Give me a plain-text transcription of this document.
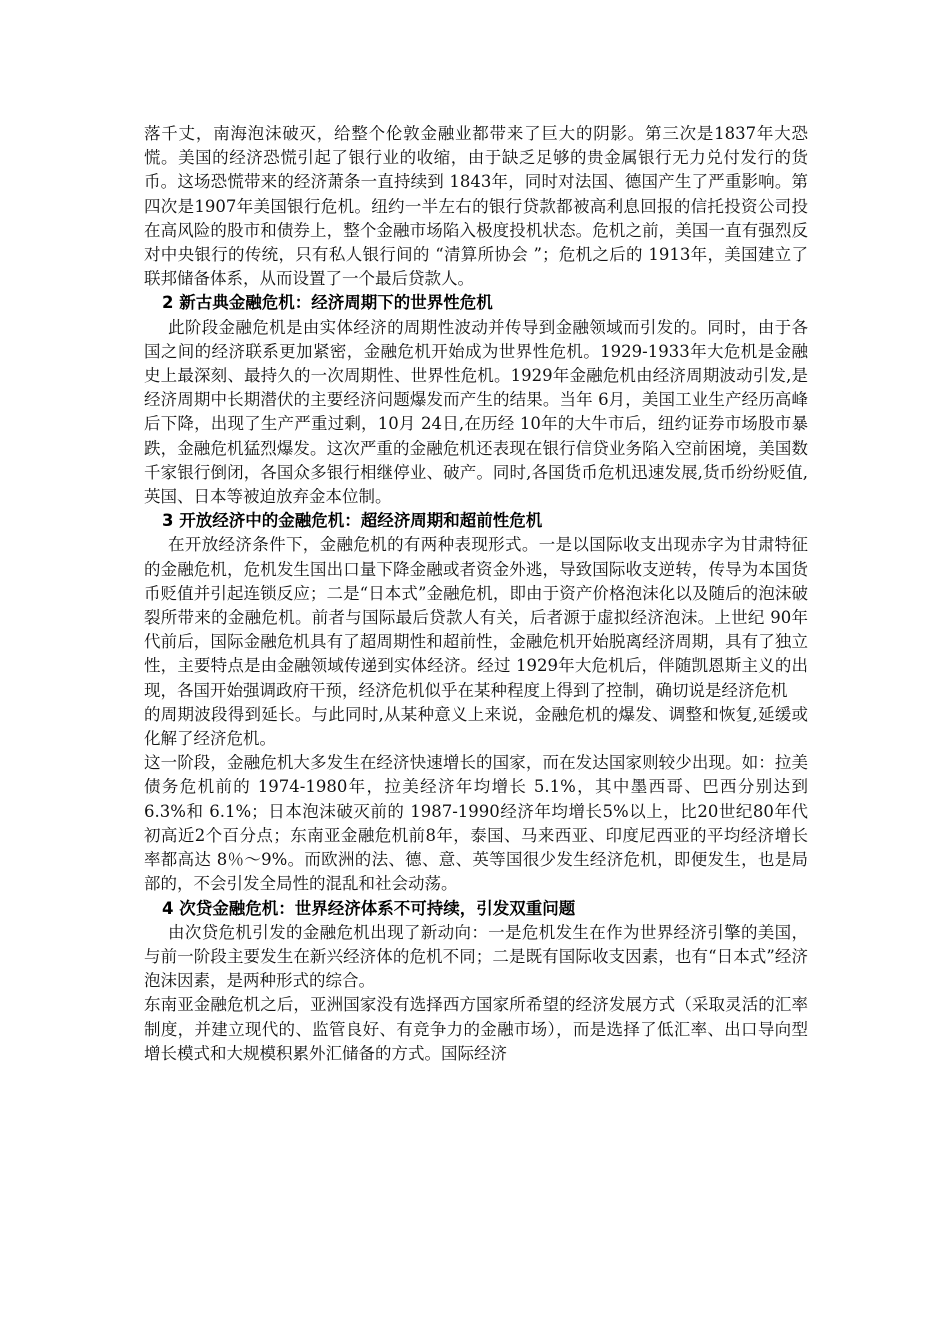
落千丈，南海泡沫破灭，给整个伦敦金融业都带来了巨大的阴影。第三次是1837年大恐慌。美国的经济恐慌引起了银行业的收缩，由于缺乏足够的贵金属银行无力兑付发行的货币。这场恐慌带来的经济萧条一直持续到 1843年，同时对法国、德国产生了严重影响。第四次是1907年美国银行危机。纽约一半左右的银行贷款都被高利息回报的信托投资公司投在高风险的股市和债券上，整个金融市场陷入极度投机状态。危机之前，美国一直有强烈反对中央银行的传统，只有私人银行间的 “清算所协会 ”；危机之后的 1913年，美国建立了联邦储备体系，从而设置了一个最后贷款人。

2 新古典金融危机：经济周期下的世界性危机

此阶段金融危机是由实体经济的周期性波动并传导到金融领域而引发的。同时，由于各国之间的经济联系更加紧密，金融危机开始成为世界性危机。1929-1933年大危机是金融史上最深刻、最持久的一次周期性、世界性危机。1929年金融危机由经济周期波动引发,是经济周期中长期潜伏的主要经济问题爆发而产生的结果。当年 6月，美国工业生产经历高峰后下降，出现了生产严重过剩，10月 24日,在历经 10年的大牛市后，纽约证券市场股市暴跌，金融危机猛烈爆发。这次严重的金融危机还表现在银行信贷业务陷入空前困境，美国数千家银行倒闭，各国众多银行相继停业、破产。同时,各国货币危机迅速发展,货币纷纷贬值,英国、日本等被迫放弃金本位制。

3 开放经济中的金融危机：超经济周期和超前性危机

在开放经济条件下，金融危机的有两种表现形式。一是以国际收支出现赤字为甘肃特征的金融危机，危机发生国出口量下降金融或者资金外逃，导致国际收支逆转，传导为本国货币贬值并引起连锁反应；二是“日本式”金融危机，即由于资产价格泡沫化以及随后的泡沫破裂所带来的金融危机。前者与国际最后贷款人有关，后者源于虚拟经济泡沫。上世纪 90年代前后，国际金融危机具有了超周期性和超前性，金融危机开始脱离经济周期，具有了独立性，主要特点是由金融领域传递到实体经济。经过 1929年大危机后，伴随凯恩斯主义的出现，各国开始强调政府干预，经济危机似乎在某种程度上得到了控制，确切说是经济危机

的周期波段得到延长。与此同时,从某种意义上来说，金融危机的爆发、调整和恢复,延缓或化解了经济危机。

这一阶段，金融危机大多发生在经济快速增长的国家，而在发达国家则较少出现。如：拉美债务危机前的 1974-1980年，拉美经济年均增长 5.1%，其中墨西哥、巴西分别达到 6.3%和 6.1%；日本泡沫破灭前的 1987-1990经济年均增长5%以上，比20世纪80年代初高近2个百分点；东南亚金融危机前8年，泰国、马来西亚、印度尼西亚的平均经济增长率都高达 8％～9%。而欧洲的法、德、意、英等国很少发生经济危机，即便发生，也是局部的，不会引发全局性的混乱和社会动荡。

4 次贷金融危机：世界经济体系不可持续，引发双重问题

由次贷危机引发的金融危机出现了新动向：一是危机发生在作为世界经济引擎的美国，与前一阶段主要发生在新兴经济体的危机不同；二是既有国际收支因素，也有“日本式”经济泡沫因素，是两种形式的综合。

东南亚金融危机之后，亚洲国家没有选择西方国家所希望的经济发展方式（采取灵活的汇率制度，并建立现代的、监管良好、有竞争力的金融市场），而是选择了低汇率、出口导向型增长模式和大规模积累外汇储备的方式。国际经济
